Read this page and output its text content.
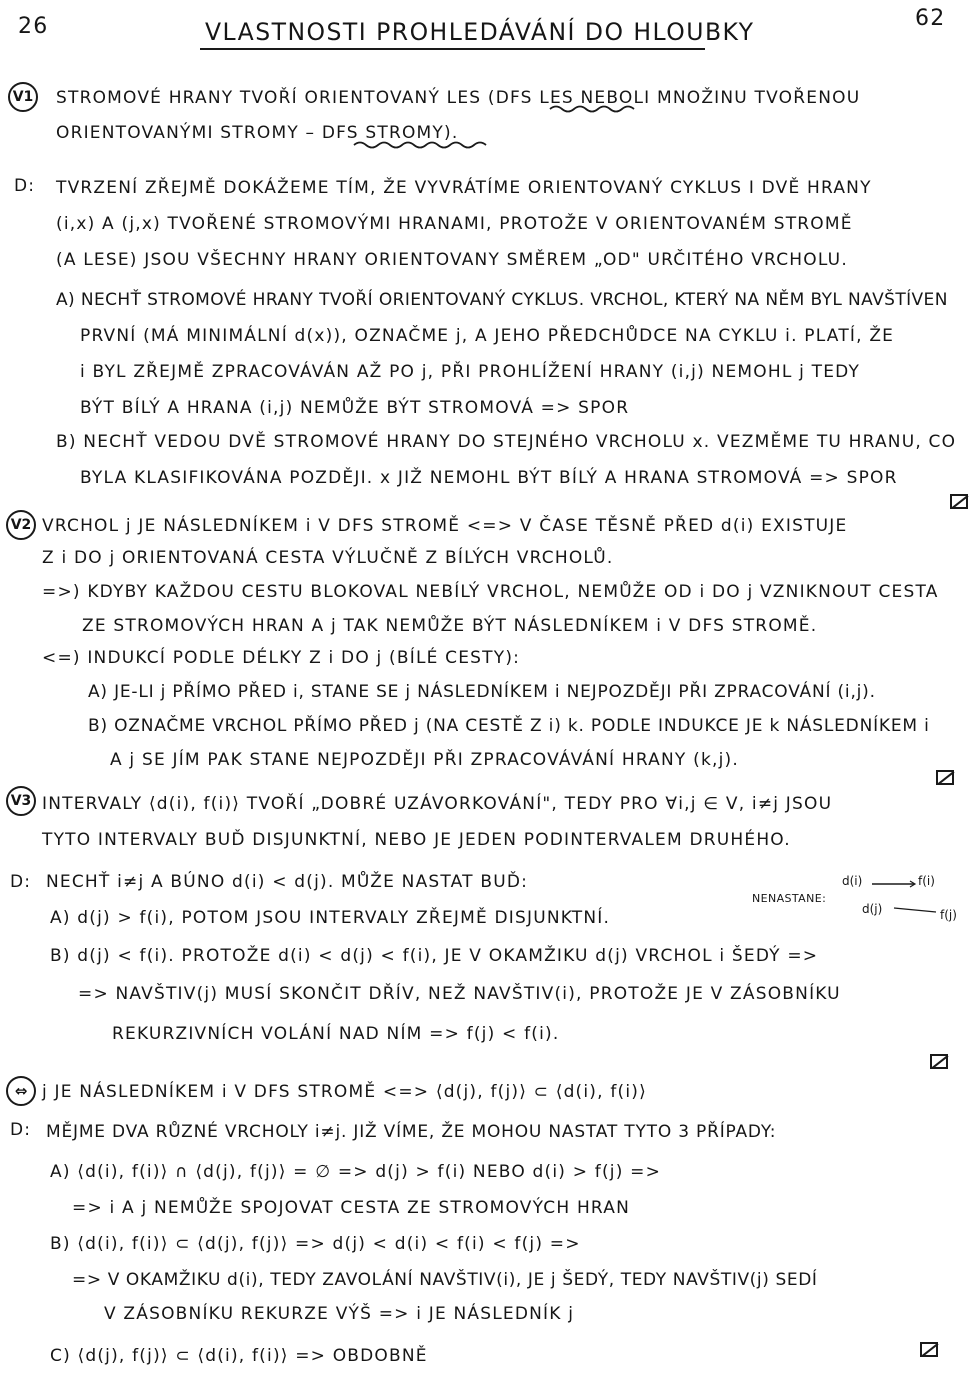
26	62
VLASTNOSTI PROHLEDÁVÁNÍ DO HLOUBKY
V1 STROMOVÉ HRANY TVOŘÍ ORIENTOVANÝ LES (DFS LES NEBOLI MNOŽINU TVOŘENOU
ORIENTOVANÝMI STROMY – DFS STROMY).
D: TVRZENÍ ZŘEJMĚ DOKÁŽEME TÍM, ŽE VYVRÁTÍME ORIENTOVANÝ CYKLUS I DVĚ HRANY
(i,x) A (j,x) TVOŘENÉ STROMOVÝMI HRANAMI, PROTOŽE V ORIENTOVANÉM STROMĚ
(A LESE) JSOU VŠECHNY HRANY ORIENTOVANY SMĚREM „OD" URČITÉHO VRCHOLU.
A) NECHŤ STROMOVÉ HRANY TVOŘÍ ORIENTOVANÝ CYKLUS. VRCHOL, KTERÝ NA NĚM BYL NAVŠTÍVEN
PRVNÍ (MÁ MINIMÁLNÍ d(x)), OZNAČME j, A JEHO PŘEDCHŮDCE NA CYKLU i. PLATÍ, ŽE
i BYL ZŘEJMĚ ZPRACOVÁVÁN AŽ PO j, PŘI PROHLÍŽENÍ HRANY (i,j) NEMOHL j TEDY
BÝT BÍLÝ A HRANA (i,j) NEMŮŽE BÝT STROMOVÁ => SPOR
B) NECHŤ VEDOU DVĚ STROMOVÉ HRANY DO STEJNÉHO VRCHOLU x. VEZMĚME TU HRANU, CO
BYLA KLASIFIKOVÁNA POZDĚJI. x JIŽ NEMOHL BÝT BÍLÝ A HRANA STROMOVÁ => SPOR
V2 VRCHOL j JE NÁSLEDNÍKEM i V DFS STROMĚ <=> V ČASE TĚSNĚ PŘED d(i) EXISTUJE
Z i DO j ORIENTOVANÁ CESTA VÝLUČNĚ Z BÍLÝCH VRCHOLŮ.
=>) KDYBY KAŽDOU CESTU BLOKOVAL NEBÍLÝ VRCHOL, NEMŮŽE OD i DO j VZNIKNOUT CESTA
ZE STROMOVÝCH HRAN A j TAK NEMŮŽE BÝT NÁSLEDNÍKEM i V DFS STROMĚ.
<=) INDUKCÍ PODLE DÉLKY Z i DO j (BÍLÉ CESTY):
A) JE-LI j PŘÍMO PŘED i, STANE SE j NÁSLEDNÍKEM i NEJPOZDĚJI PŘI ZPRACOVÁNÍ (i,j).
B) OZNAČME VRCHOL PŘÍMO PŘED j (NA CESTĚ Z i) k. PODLE INDUKCE JE k NÁSLEDNÍKEM i
A j SE JÍM PAK STANE NEJPOZDĚJI PŘI ZPRACOVÁVÁNÍ HRANY (k,j).
V3 INTERVALY ⟨d(i), f(i)⟩ TVOŘÍ „DOBRÉ UZÁVORKOVÁNÍ", TEDY PRO ∀i,j ∈ V, i≠j JSOU
TYTO INTERVALY BUĎ DISJUNKTNÍ, NEBO JE JEDEN PODINTERVALEM DRUHÉHO.
D: NECHŤ i≠j A BÚNO d(i) < d(j). MŮŽE NASTAT BUĎ:
A) d(j) > f(i), POTOM JSOU INTERVALY ZŘEJMĚ DISJUNKTNÍ.
B) d(j) < f(i). PROTOŽE d(i) < d(j) < f(i), JE V OKAMŽIKU d(j) VRCHOL i ŠEDÝ =>
=> NAVŠTIV(j) MUSÍ SKONČIT DŘÍV, NEŽ NAVŠTIV(i), PROTOŽE JE V ZÁSOBNÍKU
REKURZIVNÍCH VOLÁNÍ NAD NÍM => f(j) < f(i).
NENASTANE:
d(i)	f(i)
d(j)	f(j)
⇔ j JE NÁSLEDNÍKEM i V DFS STROMĚ <=> ⟨d(j), f(j)⟩ ⊂ ⟨d(i), f(i)⟩
D: MĚJME DVA RŮZNÉ VRCHOLY i≠j. JIŽ VÍME, ŽE MOHOU NASTAT TYTO 3 PŘÍPADY:
A) ⟨d(i), f(i)⟩ ∩ ⟨d(j), f(j)⟩ = ∅ => d(j) > f(i) NEBO d(i) > f(j) =>
=> i A j NEMŮŽE SPOJOVAT CESTA ZE STROMOVÝCH HRAN
B) ⟨d(i), f(i)⟩ ⊂ ⟨d(j), f(j)⟩ => d(j) < d(i) < f(i) < f(j) =>
=> V OKAMŽIKU d(i), TEDY ZAVOLÁNÍ NAVŠTIV(i), JE j ŠEDÝ, TEDY NAVŠTIV(j) SEDÍ
V ZÁSOBNÍKU REKURZE VÝŠ => i JE NÁSLEDNÍK j
C) ⟨d(j), f(j)⟩ ⊂ ⟨d(i), f(i)⟩ => OBDOBNĚ
